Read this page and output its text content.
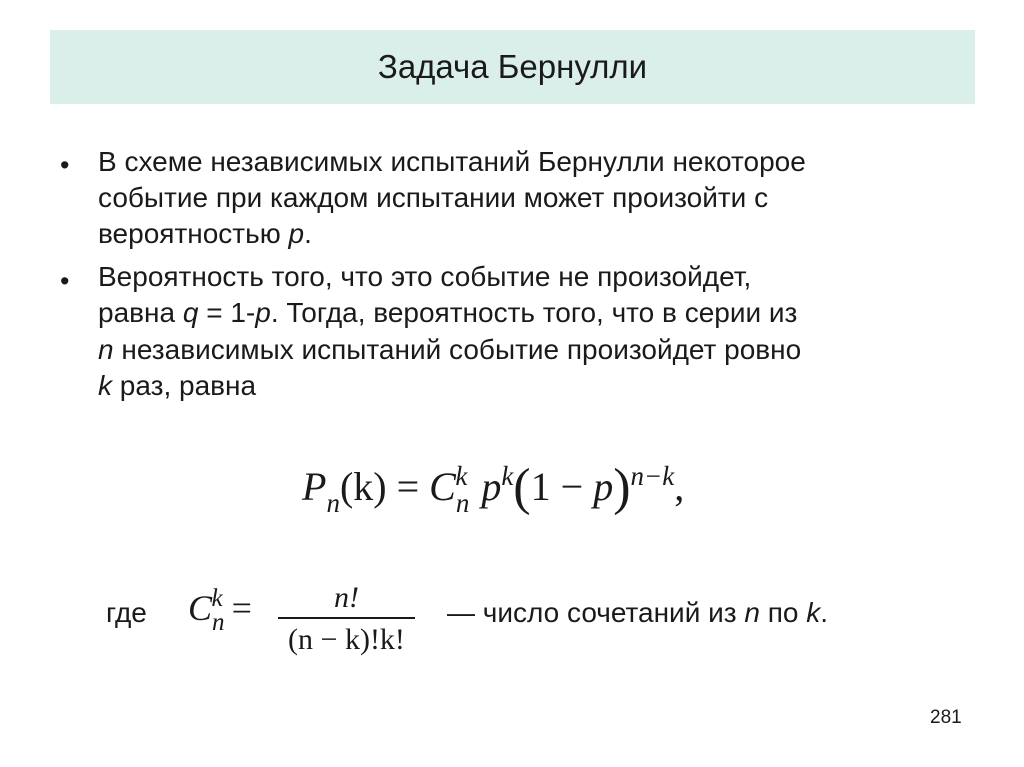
Задача Бернулли
• В схеме независимых испытаний Бернулли некоторое
событие при каждом испытании может произойти с
вероятностью p.
• Вероятность того, что это событие не произойдет,
равна q = 1-p. Тогда, вероятность того, что в серии из
n независимых испытаний событие произойдет ровно
k раз, равна
$P_n(k) = C_n^k$ $p^k(1 - p)^{n-k}$,
где $C_n^k$ =	n!
(n − k)!k!
— число сочетаний из n по k.
281
